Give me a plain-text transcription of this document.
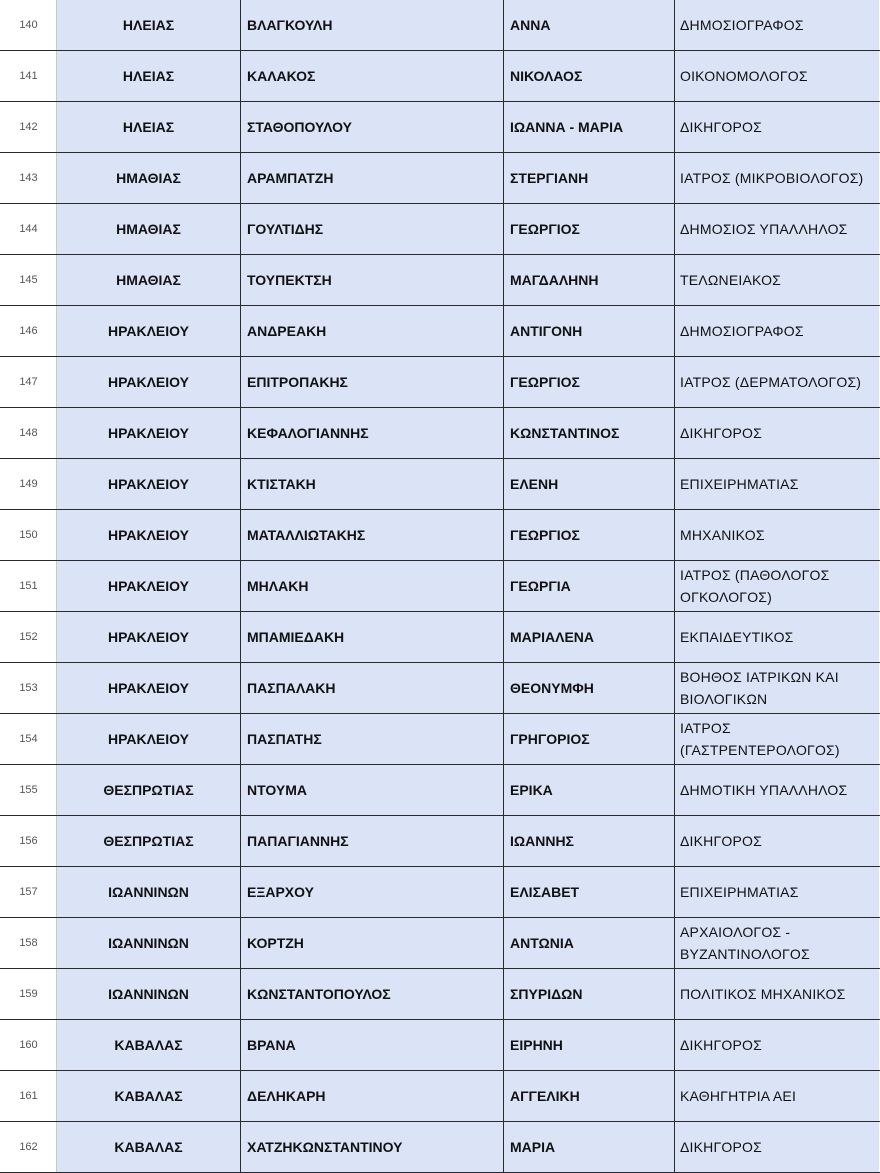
140	ΗΛΕΙΑΣ	ΒΛΑΓΚΟΥΛΗ	ΑΝΝΑ	ΔΗΜΟΣΙΟΓΡΑΦΟΣ
141	ΗΛΕΙΑΣ	ΚΑΛΑΚΟΣ	ΝΙΚΟΛΑΟΣ	ΟΙΚΟΝΟΜΟΛΟΓΟΣ
142	ΗΛΕΙΑΣ	ΣΤΑΘΟΠΟΥΛΟΥ	ΙΩΑΝΝΑ - ΜΑΡΙΑ	ΔΙΚΗΓΟΡΟΣ
143	ΗΜΑΘΙΑΣ	ΑΡΑΜΠΑΤΖΗ	ΣΤΕΡΓΙΑΝΗ	ΙΑΤΡΟΣ (ΜΙΚΡΟΒΙΟΛΟΓΟΣ)
144	ΗΜΑΘΙΑΣ	ΓΟΥΛΤΙΔΗΣ	ΓΕΩΡΓΙΟΣ	ΔΗΜΟΣΙΟΣ ΥΠΑΛΛΗΛΟΣ
145	ΗΜΑΘΙΑΣ	ΤΟΥΠΕΚΤΣΗ	ΜΑΓΔΑΛΗΝΗ	ΤΕΛΩΝΕΙΑΚΟΣ
146	ΗΡΑΚΛΕΙΟΥ	ΑΝΔΡΕΑΚΗ	ΑΝΤΙΓΟΝΗ	ΔΗΜΟΣΙΟΓΡΑΦΟΣ
147	ΗΡΑΚΛΕΙΟΥ	ΕΠΙΤΡΟΠΑΚΗΣ	ΓΕΩΡΓΙΟΣ	ΙΑΤΡΟΣ (ΔΕΡΜΑΤΟΛΟΓΟΣ)
148	ΗΡΑΚΛΕΙΟΥ	ΚΕΦΑΛΟΓΙΑΝΝΗΣ	ΚΩΝΣΤΑΝΤΙΝΟΣ	ΔΙΚΗΓΟΡΟΣ
149	ΗΡΑΚΛΕΙΟΥ	ΚΤΙΣΤΑΚΗ	ΕΛΕΝΗ	ΕΠΙΧΕΙΡΗΜΑΤΙΑΣ
150	ΗΡΑΚΛΕΙΟΥ	ΜΑΤΑΛΛΙΩΤΑΚΗΣ	ΓΕΩΡΓΙΟΣ	ΜΗΧΑΝΙΚΟΣ
151	ΗΡΑΚΛΕΙΟΥ	ΜΗΛΑΚΗ	ΓΕΩΡΓΙΑ	ΙΑΤΡΟΣ (ΠΑΘΟΛΟΓΟΣ ΟΓΚΟΛΟΓΟΣ)
152	ΗΡΑΚΛΕΙΟΥ	ΜΠΑΜΙΕΔΑΚΗ	ΜΑΡΙΑΛΕΝΑ	ΕΚΠΑΙΔΕΥΤΙΚΟΣ
153	ΗΡΑΚΛΕΙΟΥ	ΠΑΣΠΑΛΑΚΗ	ΘΕΟΝΥΜΦΗ	ΒΟΗΘΟΣ ΙΑΤΡΙΚΩΝ ΚΑΙ ΒΙΟΛΟΓΙΚΩΝ
154	ΗΡΑΚΛΕΙΟΥ	ΠΑΣΠΑΤΗΣ	ΓΡΗΓΟΡΙΟΣ	ΙΑΤΡΟΣ (ΓΑΣΤΡΕΝΤΕΡΟΛΟΓΟΣ)
155	ΘΕΣΠΡΩΤΙΑΣ	ΝΤΟΥΜΑ	ΕΡΙΚΑ	ΔΗΜΟΤΙΚΗ ΥΠΑΛΛΗΛΟΣ
156	ΘΕΣΠΡΩΤΙΑΣ	ΠΑΠΑΓΙΑΝΝΗΣ	ΙΩΑΝΝΗΣ	ΔΙΚΗΓΟΡΟΣ
157	ΙΩΑΝΝΙΝΩΝ	ΕΞΑΡΧΟΥ	ΕΛΙΣΑΒΕΤ	ΕΠΙΧΕΙΡΗΜΑΤΙΑΣ
158	ΙΩΑΝΝΙΝΩΝ	ΚΟΡΤΖΗ	ΑΝΤΩΝΙΑ	ΑΡΧΑΙΟΛΟΓΟΣ - ΒΥΖΑΝΤΙΝΟΛΟΓΟΣ
159	ΙΩΑΝΝΙΝΩΝ	ΚΩΝΣΤΑΝΤΟΠΟΥΛΟΣ	ΣΠΥΡΙΔΩΝ	ΠΟΛΙΤΙΚΟΣ ΜΗΧΑΝΙΚΟΣ
160	ΚΑΒΑΛΑΣ	ΒΡΑΝΑ	ΕΙΡΗΝΗ	ΔΙΚΗΓΟΡΟΣ
161	ΚΑΒΑΛΑΣ	ΔΕΛΗΚΑΡΗ	ΑΓΓΕΛΙΚΗ	ΚΑΘΗΓΗΤΡΙΑ ΑΕΙ
162	ΚΑΒΑΛΑΣ	ΧΑΤΖΗΚΩΝΣΤΑΝΤΙΝΟΥ	ΜΑΡΙΑ	ΔΙΚΗΓΟΡΟΣ
